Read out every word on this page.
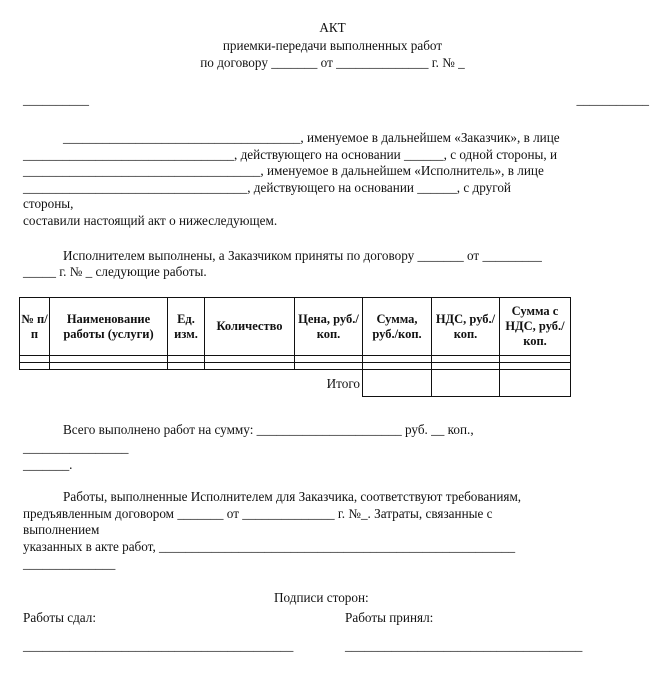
АКТ
приемки-передачи выполненных работ
по договору _______ от ______________ г. № _
__________	___________
____________________________________, именуемое в дальнейшем «Заказчик», в лице
________________________________, действующего на основании ______, с одной стороны, и
____________________________________, именуемое в дальнейшем «Исполнитель», в лице
__________________________________, действующего на основании ______, с другой
стороны,
составили настоящий акт о нижеследующем.
Исполнителем выполнены, а Заказчиком приняты по договору _______ от _________
_____ г. № _ следующие работы.
№ п/п	Наименование работы (услуги)	Ед. изм.	Количество	Цена, руб./коп.	Сумма, руб./коп.	НДС, руб./коп.	Сумма с НДС, руб./коп.

Итого							
Всего выполнено работ на сумму: ______________________ руб. __ коп.,
________________
_______.
Работы, выполненные Исполнителем для Заказчика, соответствуют требованиям,
предъявленным договором _______ от ______________ г. №_. Затраты, связанные с
выполнением
указанных в акте работ, ______________________________________________________
______________
Подписи сторон:
Работы сдал:	Работы принял:
_________________________________________	____________________________________
